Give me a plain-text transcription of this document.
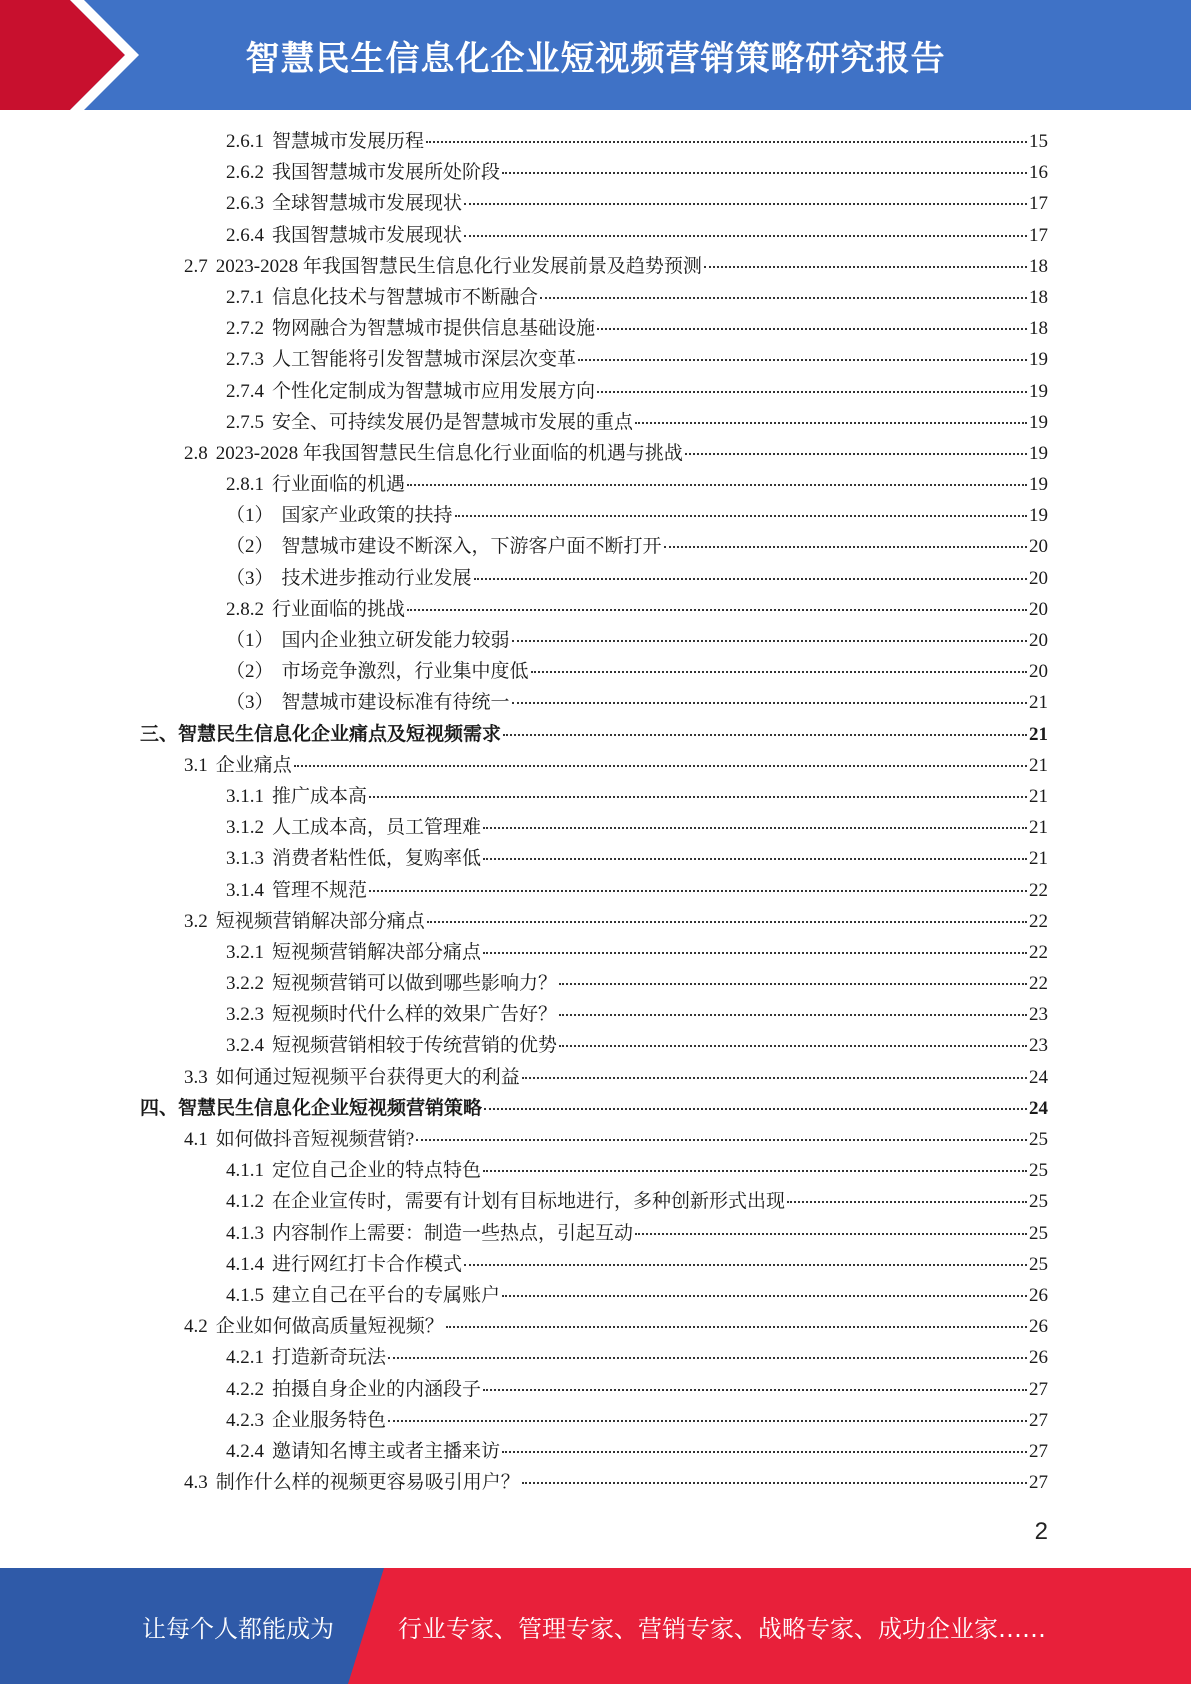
智慧民生信息化企业短视频营销策略研究报告
2.6.1 智慧城市发展历程	15
2.6.2 我国智慧城市发展所处阶段	16
2.6.3 全球智慧城市发展现状	17
2.6.4 我国智慧城市发展现状	17
2.7 2023-2028 年我国智慧民生信息化行业发展前景及趋势预测	18
2.7.1 信息化技术与智慧城市不断融合	18
2.7.2 物网融合为智慧城市提供信息基础设施	18
2.7.3 人工智能将引发智慧城市深层次变革	19
2.7.4 个性化定制成为智慧城市应用发展方向	19
2.7.5 安全、可持续发展仍是智慧城市发展的重点	19
2.8 2023-2028 年我国智慧民生信息化行业面临的机遇与挑战	19
2.8.1 行业面临的机遇	19
（1） 国家产业政策的扶持	19
（2） 智慧城市建设不断深入，下游客户面不断打开	20
（3） 技术进步推动行业发展	20
2.8.2 行业面临的挑战	20
（1） 国内企业独立研发能力较弱	20
（2） 市场竞争激烈，行业集中度低	20
（3） 智慧城市建设标准有待统一	21
三、 智慧民生信息化企业痛点及短视频需求	21
3.1 企业痛点	21
3.1.1 推广成本高	21
3.1.2 人工成本高，员工管理难	21
3.1.3 消费者粘性低，复购率低	21
3.1.4 管理不规范	22
3.2 短视频营销解决部分痛点	22
3.2.1 短视频营销解决部分痛点	22
3.2.2 短视频营销可以做到哪些影响力？	22
3.2.3 短视频时代什么样的效果广告好？	23
3.2.4 短视频营销相较于传统营销的优势	23
3.3 如何通过短视频平台获得更大的利益	24
四、 智慧民生信息化企业短视频营销策略	24
4.1 如何做抖音短视频营销?	25
4.1.1 定位自己企业的特点特色	25
4.1.2 在企业宣传时，需要有计划有目标地进行，多种创新形式出现	25
4.1.3 内容制作上需要：制造一些热点，引起互动	25
4.1.4 进行网红打卡合作模式	25
4.1.5 建立自己在平台的专属账户	26
4.2 企业如何做高质量短视频？	26
4.2.1 打造新奇玩法	26
4.2.2 拍摄自身企业的内涵段子	27
4.2.3 企业服务特色	27
4.2.4 邀请知名博主或者主播来访	27
4.3 制作什么样的视频更容易吸引用户？	27
2
让每个人都能成为	行业专家、管理专家、营销专家、战略专家、成功企业家……
